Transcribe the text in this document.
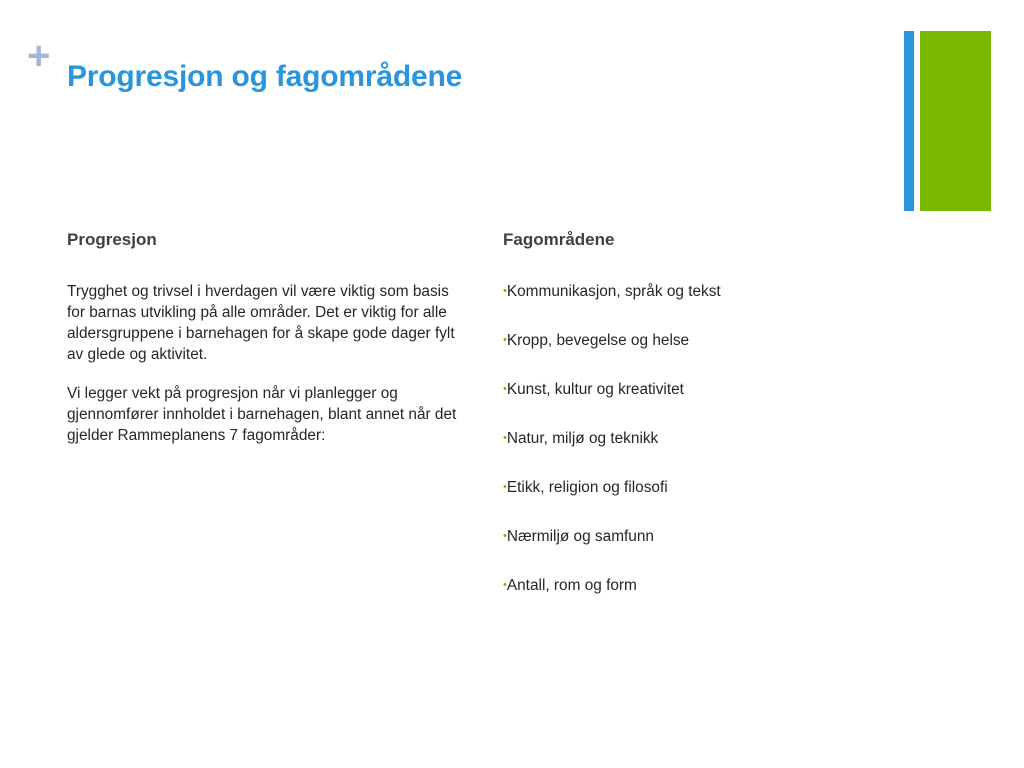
+ Progresjon og fagområdene
Progresjon

Trygghet og trivsel i hverdagen vil være viktig som basis for barnas utvikling på alle områder. Det er viktig for alle aldersgruppene i barnehagen for å skape gode dager fylt av glede og aktivitet.

Vi legger vekt på progresjon når vi planlegger og gjennomfører innholdet i barnehagen, blant annet når det gjelder Rammeplanens 7 fagområder:

Fagområdene
•Kommunikasjon, språk og tekst
•Kropp, bevegelse og helse
•Kunst, kultur og kreativitet
•Natur, miljø og teknikk
•Etikk, religion og filosofi
•Nærmiljø og samfunn
•Antall, rom og form
